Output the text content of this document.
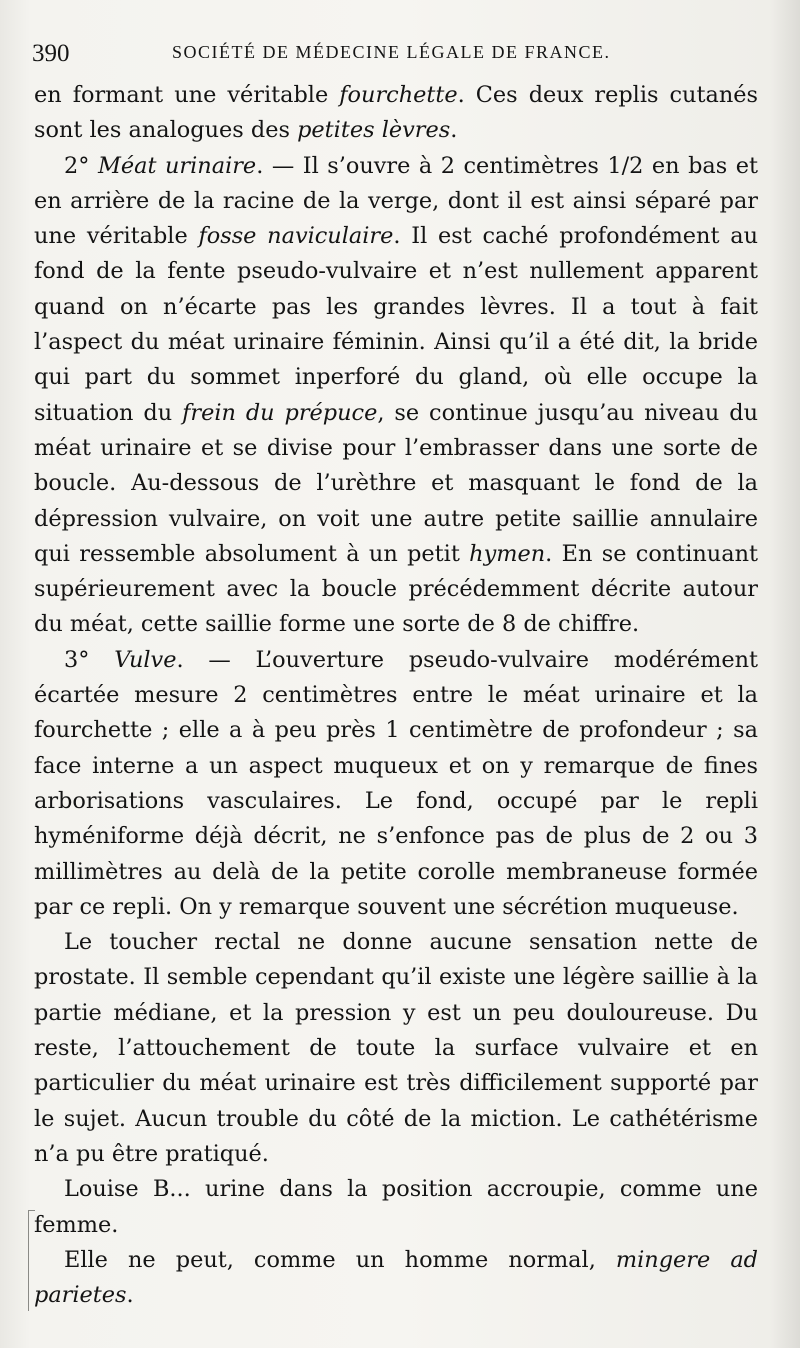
390	SOCIÉTÉ DE MÉDECINE LÉGALE DE FRANCE.

en formant une véritable fourchette. Ces deux replis cutanés sont les analogues des petites lèvres.

2° Méat urinaire. — Il s’ouvre à 2 centimètres 1/2 en bas et en arrière de la racine de la verge, dont il est ainsi séparé par une véritable fosse naviculaire. Il est caché profondément au fond de la fente pseudo-vulvaire et n’est nullement apparent quand on n’écarte pas les grandes lèvres. Il a tout à fait l’aspect du méat urinaire féminin. Ainsi qu’il a été dit, la bride qui part du sommet inperforé du gland, où elle occupe la situation du frein du prépuce, se continue jusqu’au niveau du méat urinaire et se divise pour l’embrasser dans une sorte de boucle. Au-dessous de l’urèthre et masquant le fond de la dépression vulvaire, on voit une autre petite saillie annulaire qui ressemble absolument à un petit hymen. En se continuant supérieurement avec la boucle précédemment décrite autour du méat, cette saillie forme une sorte de 8 de chiffre.

3° Vulve. — L’ouverture pseudo-vulvaire modérément écartée mesure 2 centimètres entre le méat urinaire et la fourchette ; elle a à peu près 1 centimètre de profondeur ; sa face interne a un aspect muqueux et on y remarque de fines arborisations vasculaires. Le fond, occupé par le repli hyméniforme déjà décrit, ne s’enfonce pas de plus de 2 ou 3 millimètres au delà de la petite corolle membraneuse formée par ce repli. On y remarque souvent une sécrétion muqueuse.

Le toucher rectal ne donne aucune sensation nette de prostate. Il semble cependant qu’il existe une légère saillie à la partie médiane, et la pression y est un peu douloureuse. Du reste, l’attouchement de toute la surface vulvaire et en particulier du méat urinaire est très difficilement supporté par le sujet. Aucun trouble du côté de la miction. Le cathétérisme n’a pu être pratiqué.

Louise B... urine dans la position accroupie, comme une femme.

Elle ne peut, comme un homme normal, mingere ad parietes.
